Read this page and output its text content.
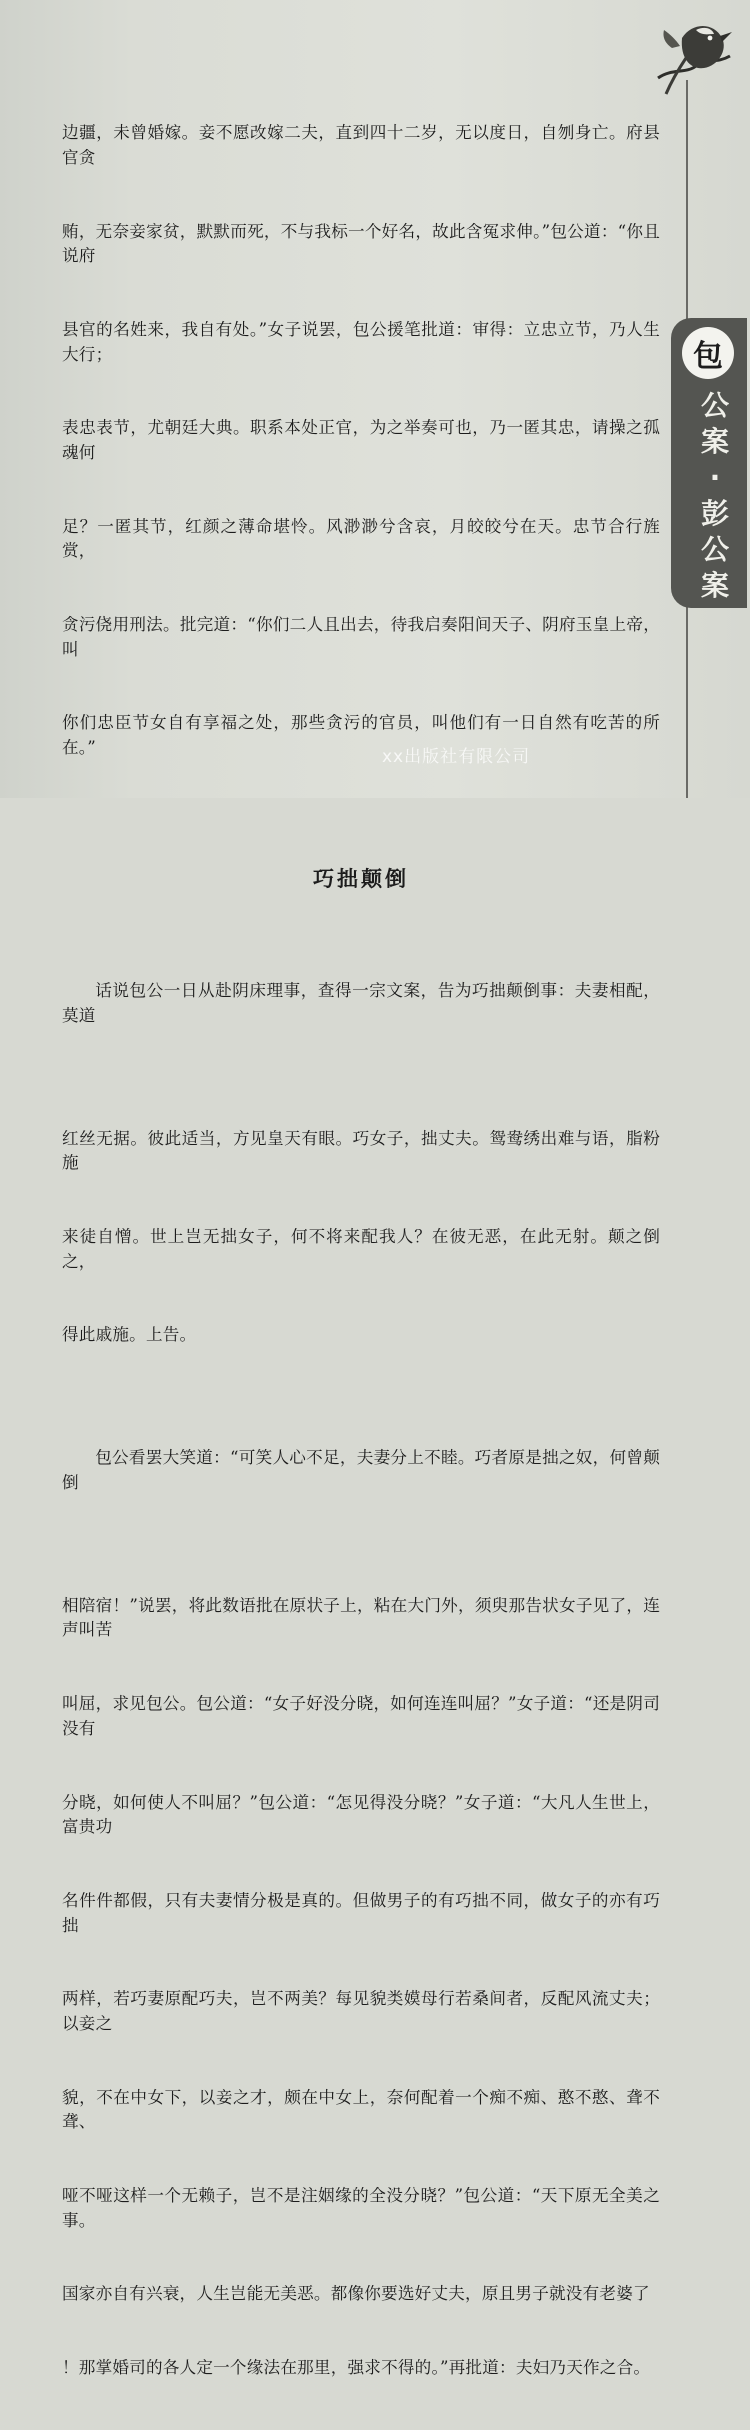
边疆，未曾婚嫁。妾不愿改嫁二夫，直到四十二岁，无以度日，自刎身亡。府县官贪

贿，无奈妾家贫，默默而死，不与我标一个好名，故此含冤求伸。”包公道：“你且说府

县官的名姓来，我自有处。”女子说罢，包公援笔批道：审得：立忠立节，乃人生大行；

表忠表节，尤朝廷大典。职系本处正官，为之举奏可也，乃一匿其忠，请操之孤魂何

足？一匿其节，红颜之薄命堪怜。风渺渺兮含哀，月皎皎兮在天。忠节合行旌赏，

贪污侥用刑法。批完道：“你们二人且出去，待我启奏阳间天子、阴府玉皇上帝，叫

你们忠臣节女自有享福之处，那些贪污的官员，叫他们有一日自然有吃苦的所在。”

巧拙颠倒

话说包公一日从赴阴床理事，查得一宗文案，告为巧拙颠倒事：夫妻相配，莫道

红丝无据。彼此适当，方见皇天有眼。巧女子，拙丈夫。鸳鸯绣出难与语，脂粉施

来徒自憎。世上岂无拙女子，何不将来配我人？在彼无恶，在此无射。颠之倒之，

得此戚施。上告。

包公看罢大笑道：“可笑人心不足，夫妻分上不睦。巧者原是拙之奴，何曾颠倒

相陪宿！”说罢，将此数语批在原状子上，粘在大门外，须臾那告状女子见了，连声叫苦

叫屈，求见包公。包公道：“女子好没分晓，如何连连叫屈？”女子道：“还是阴司没有

分晓，如何使人不叫屈？”包公道：“怎见得没分晓？”女子道：“大凡人生世上，富贵功

名件件都假，只有夫妻情分极是真的。但做男子的有巧拙不同，做女子的亦有巧拙

两样，若巧妻原配巧夫，岂不两美？每见貌类嫫母行若桑间者，反配风流丈夫；以妾之

貌，不在中女下，以妾之才，颇在中女上，奈何配着一个痴不痴、憨不憨、聋不聋、

哑不哑这样一个无赖子，岂不是注姻缘的全没分晓？”包公道：“天下原无全美之事。

国家亦自有兴衰，人生岂能无美恶。都像你要选好丈夫，原且男子就没有老婆了

！那掌婚司的各人定一个缘法在那里，强求不得的。”再批道：夫妇乃天作之合。

包
公
案
·
彭
公
案
xx出版社有限公司
